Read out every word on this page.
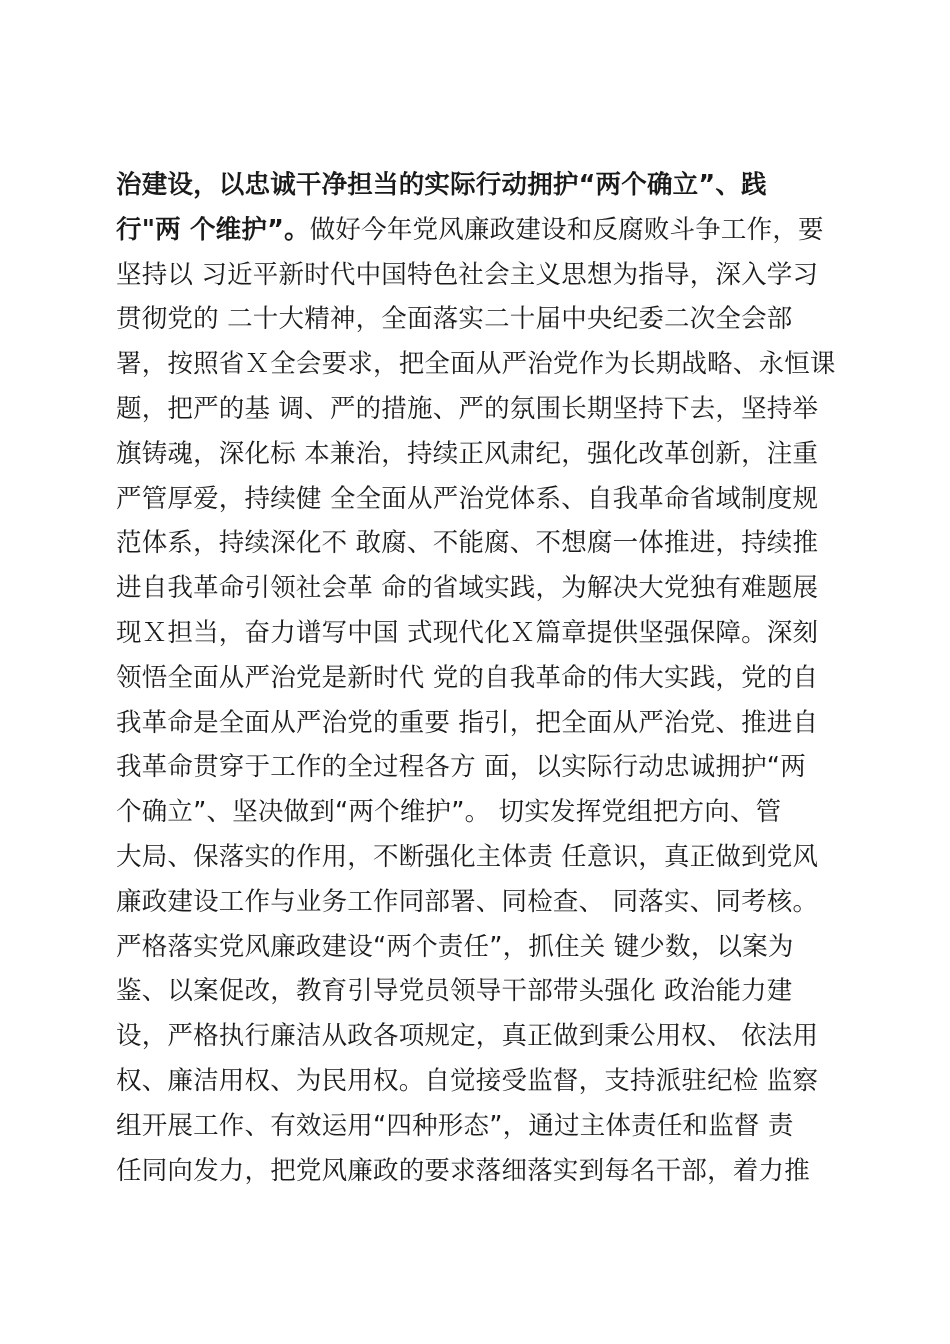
治建设，以忠诚干净担当的实际行动拥护“两个确立”、践
行"两 个维护”。做好今年党风廉政建设和反腐败斗争工作，要
坚持以 习近平新时代中国特色社会主义思想为指导，深入学习
贯彻党的 二十大精神，全面落实二十届中央纪委二次全会部
署，按照省Ｘ全会要求，把全面从严治党作为长期战略、永恒课
题，把严的基 调、严的措施、严的氛围长期坚持下去，坚持举
旗铸魂，深化标 本兼治，持续正风肃纪，强化改革创新，注重
严管厚爱，持续健 全全面从严治党体系、自我革命省域制度规
范体系，持续深化不 敢腐、不能腐、不想腐一体推进，持续推
进自我革命引领社会革 命的省域实践，为解决大党独有难题展
现Ｘ担当，奋力谱写中国 式现代化Ｘ篇章提供坚强保障。深刻
领悟全面从严治党是新时代 党的自我革命的伟大实践，党的自
我革命是全面从严治党的重要 指引，把全面从严治党、推进自
我革命贯穿于工作的全过程各方 面，以实际行动忠诚拥护“两
个确立”、坚决做到“两个维护”。 切实发挥党组把方向、管
大局、保落实的作用，不断强化主体责 任意识，真正做到党风
廉政建设工作与业务工作同部署、同检查、 同落实、同考核。
严格落实党风廉政建设“两个责任”，抓住关 键少数，以案为
鉴、以案促改，教育引导党员领导干部带头强化 政治能力建
设，严格执行廉洁从政各项规定，真正做到秉公用权、 依法用
权、廉洁用权、为民用权。自觉接受监督，支持派驻纪检 监察
组开展工作、有效运用“四种形态”，通过主体责任和监督 责
任同向发力，把党风廉政的要求落细落实到每名干部，着力推
